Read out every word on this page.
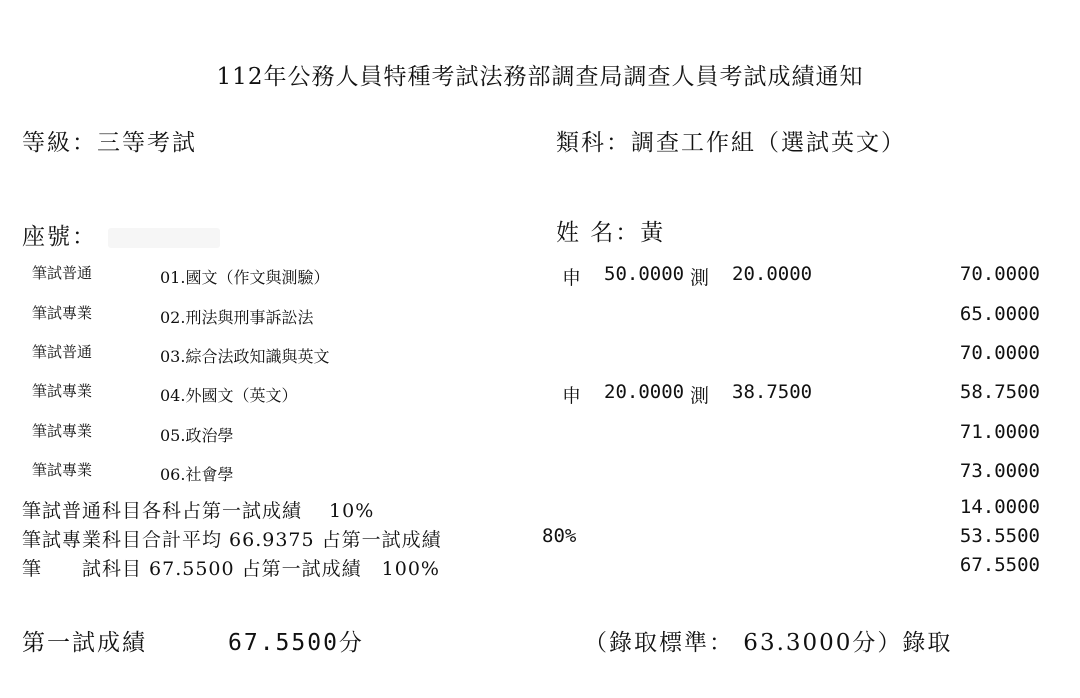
112年公務人員特種考試法務部調查局調查人員考試成績通知
等級：三等考試	類科：調查工作組（選試英文）
座號：	姓 名：黃
筆試普通	01.國文（作文與測驗）	申 50.0000 測 20.0000	70.0000
筆試專業	02.刑法與刑事訴訟法	65.0000
筆試普通	03.綜合法政知識與英文	70.0000
筆試專業	04.外國文（英文）	申 20.0000 測 38.7500	58.7500
筆試專業	05.政治學	71.0000
筆試專業	06.社會學	73.0000
筆試普通科目各科占第一試成績　 10%	14.0000
筆試專業科目合計平均 66.9375 占第一試成績	80%	53.5500
筆　　試科目 67.5500 占第一試成績　100%	67.5500
第一試成績	67.5500分	（錄取標準： 63.3000分）錄取
